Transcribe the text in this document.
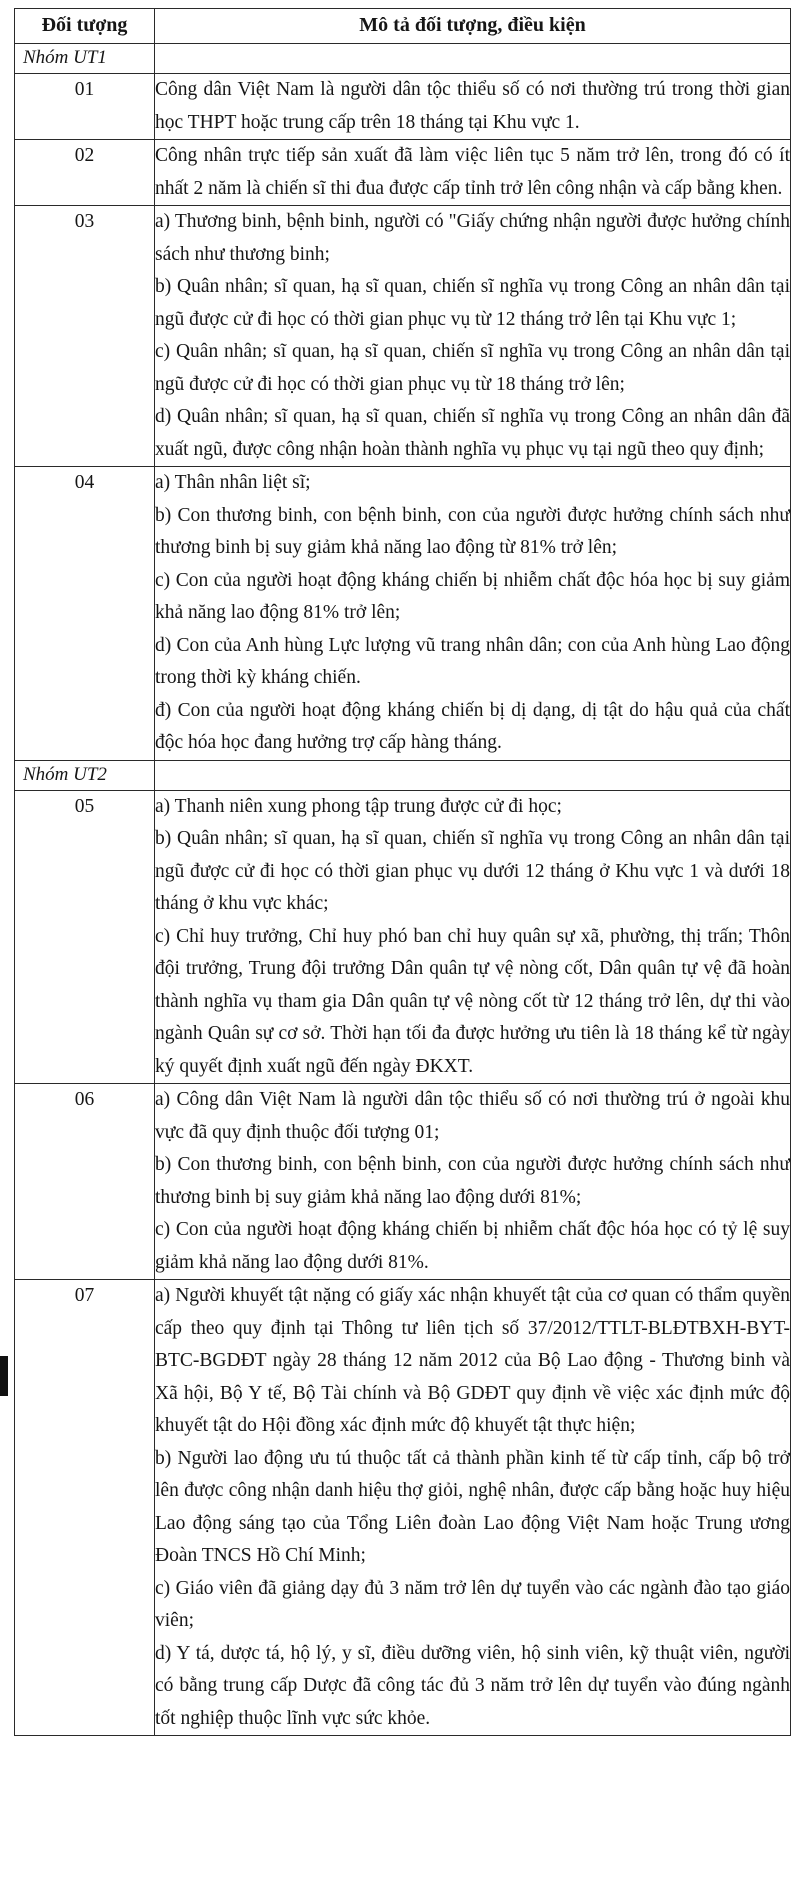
Đối tượng	Mô tả đối tượng, điều kiện
Nhóm UT1	
01	Công dân Việt Nam là người dân tộc thiểu số có nơi thường trú trong thời gian học THPT hoặc trung cấp trên 18 tháng tại Khu vực 1.

02	Công nhân trực tiếp sản xuất đã làm việc liên tục 5 năm trở lên, trong đó có ít nhất 2 năm là chiến sĩ thi đua được cấp tỉnh trở lên công nhận và cấp bằng khen.

03	a) Thương binh, bệnh binh, người có "Giấy chứng nhận người được hưởng chính sách như thương binh;

b) Quân nhân; sĩ quan, hạ sĩ quan, chiến sĩ nghĩa vụ trong Công an nhân dân tại ngũ được cử đi học có thời gian phục vụ từ 12 tháng trở lên tại Khu vực 1;

c) Quân nhân; sĩ quan, hạ sĩ quan, chiến sĩ nghĩa vụ trong Công an nhân dân tại ngũ được cử đi học có thời gian phục vụ từ 18 tháng trở lên;

d) Quân nhân; sĩ quan, hạ sĩ quan, chiến sĩ nghĩa vụ trong Công an nhân dân đã xuất ngũ, được công nhận hoàn thành nghĩa vụ phục vụ tại ngũ theo quy định;

04	a) Thân nhân liệt sĩ;

b) Con thương binh, con bệnh binh, con của người được hưởng chính sách như thương binh bị suy giảm khả năng lao động từ 81% trở lên;

c) Con của người hoạt động kháng chiến bị nhiễm chất độc hóa học bị suy giảm khả năng lao động 81% trở lên;

d) Con của Anh hùng Lực lượng vũ trang nhân dân; con của Anh hùng Lao động trong thời kỳ kháng chiến.

đ) Con của người hoạt động kháng chiến bị dị dạng, dị tật do hậu quả của chất độc hóa học đang hưởng trợ cấp hàng tháng.

Nhóm UT2	
05	a) Thanh niên xung phong tập trung được cử đi học;

b) Quân nhân; sĩ quan, hạ sĩ quan, chiến sĩ nghĩa vụ trong Công an nhân dân tại ngũ được cử đi học có thời gian phục vụ dưới 12 tháng ở Khu vực 1 và dưới 18 tháng ở khu vực khác;

c) Chỉ huy trưởng, Chỉ huy phó ban chỉ huy quân sự xã, phường, thị trấn; Thôn đội trưởng, Trung đội trưởng Dân quân tự vệ nòng cốt, Dân quân tự vệ đã hoàn thành nghĩa vụ tham gia Dân quân tự vệ nòng cốt từ 12 tháng trở lên, dự thi vào ngành Quân sự cơ sở. Thời hạn tối đa được hưởng ưu tiên là 18 tháng kể từ ngày ký quyết định xuất ngũ đến ngày ĐKXT.

06	a) Công dân Việt Nam là người dân tộc thiểu số có nơi thường trú ở ngoài khu vực đã quy định thuộc đối tượng 01;

b) Con thương binh, con bệnh binh, con của người được hưởng chính sách như thương binh bị suy giảm khả năng lao động dưới 81%;

c) Con của người hoạt động kháng chiến bị nhiễm chất độc hóa học có tỷ lệ suy giảm khả năng lao động dưới 81%.

07	a) Người khuyết tật nặng có giấy xác nhận khuyết tật của cơ quan có thẩm quyền cấp theo quy định tại Thông tư liên tịch số 37/2012/TTLT-BLĐTBXH-BYT-BTC-BGDĐT ngày 28 tháng 12 năm 2012 của Bộ Lao động - Thương binh và Xã hội, Bộ Y tế, Bộ Tài chính và Bộ GDĐT quy định về việc xác định mức độ khuyết tật do Hội đồng xác định mức độ khuyết tật thực hiện;

b) Người lao động ưu tú thuộc tất cả thành phần kinh tế từ cấp tỉnh, cấp bộ trở lên được công nhận danh hiệu thợ giỏi, nghệ nhân, được cấp bằng hoặc huy hiệu Lao động sáng tạo của Tổng Liên đoàn Lao động Việt Nam hoặc Trung ương Đoàn TNCS Hồ Chí Minh;

c) Giáo viên đã giảng dạy đủ 3 năm trở lên dự tuyển vào các ngành đào tạo giáo viên;

d) Y tá, dược tá, hộ lý, y sĩ, điều dưỡng viên, hộ sinh viên, kỹ thuật viên, người có bằng trung cấp Dược đã công tác đủ 3 năm trở lên dự tuyển vào đúng ngành tốt nghiệp thuộc lĩnh vực sức khỏe.
